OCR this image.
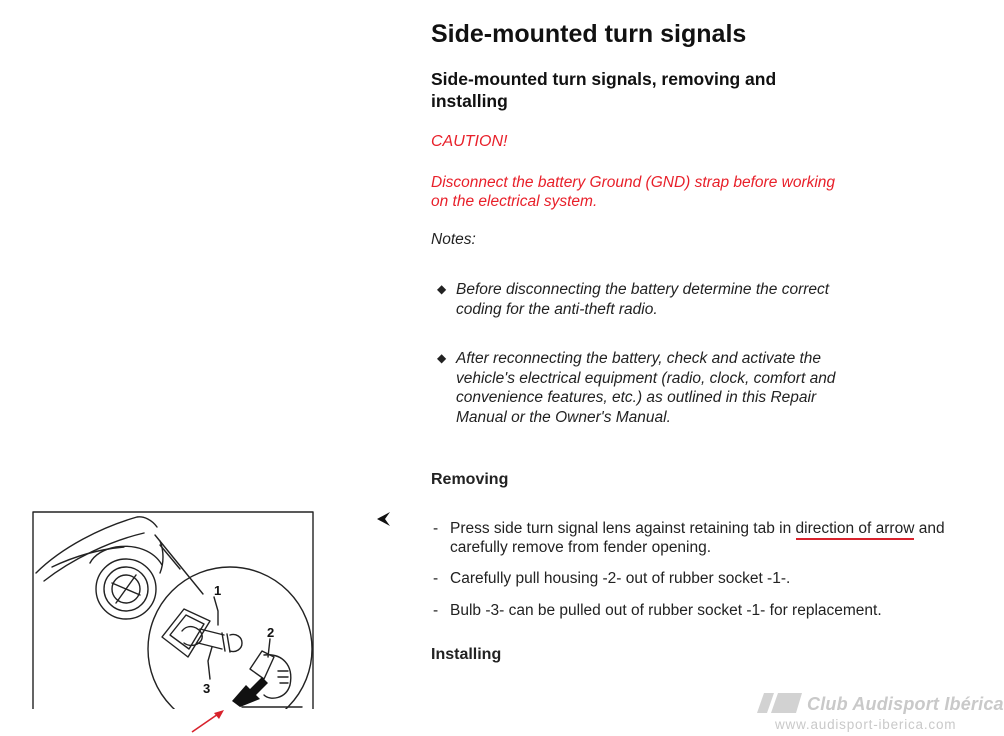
Side-mounted turn signals
Side-mounted turn signals, removing and installing
CAUTION!
Disconnect the battery Ground (GND) strap before working on the electrical system.
Notes:
◆ Before disconnecting the battery determine the correct coding for the anti-theft radio.
◆ After reconnecting the battery, check and activate the vehicle's electrical equipment (radio, clock, comfort and convenience features, etc.) as outlined in this Repair Manual or the Owner's Manual.
Removing
- Press side turn signal lens against retaining tab in direction of arrow and carefully remove from fender opening.
- Carefully pull housing -2- out of rubber socket -1-.
- Bulb -3- can be pulled out of rubber socket -1- for replacement.
Installing
1
2
3
Club Audisport Ibérica
www.audisport-iberica.com
